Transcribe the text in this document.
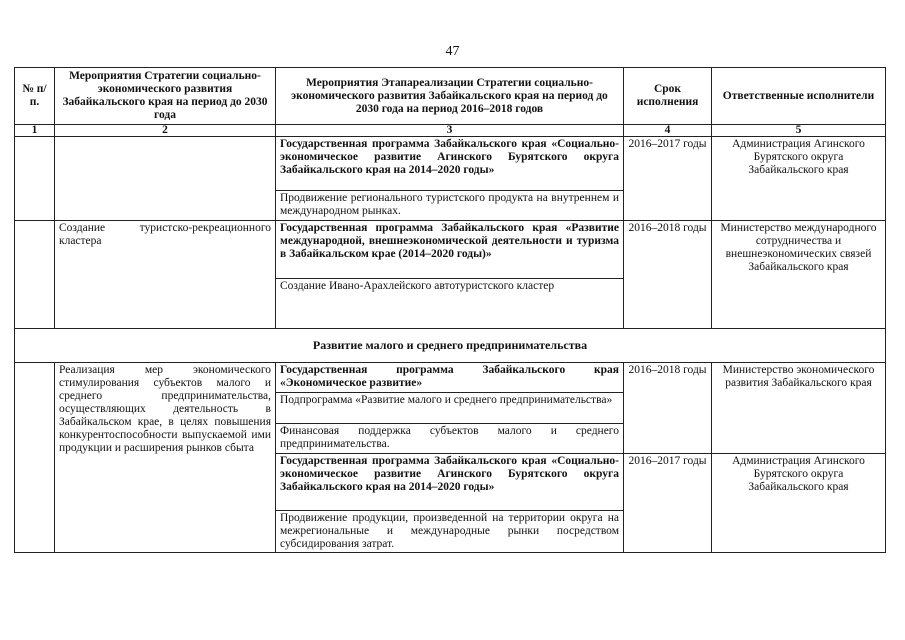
47
№ п/п.	Мероприятия Стратегии социально-экономического развития Забайкальского края на период до 2030 года	Мероприятия Этапареализации Стратегии социально-экономического развития Забайкальского края на период до 2030 года на период 2016–2018 годов	Срок исполнения	Ответственные исполнители
1	2	3	4	5
		Государственная программа Забайкальского края «Социально-экономическое развитие Агинского Бурятского округа Забайкальского края на 2014–2020 годы»	2016–2017 годы	Администрация Агинского Бурятского округа Забайкальского края
		Продвижение регионального туристского продукта на внутреннем и международном рынках.		
	Создание туристско-рекреационного кластера	Государственная программа Забайкальского края «Развитие международной, внешнеэкономической деятельности и туризма в Забайкальском крае (2014–2020 годы)»	2016–2018 годы	Министерство международного сотрудничества и внешнеэкономических связей Забайкальского края
		Создание Ивано-Арахлейского автотуристского кластер		
Развитие малого и среднего предпринимательства				
	Реализация мер экономического стимулирования субъектов малого и среднего предпринимательства, осуществляющих деятельность в Забайкальском крае, в целях повышения конкурентоспособности выпускаемой ими продукции и расширения рынков сбыта	Государственная программа Забайкальского края «Экономическое развитие»	2016–2018 годы	Министерство экономического развития Забайкальского края
		Подпрограмма «Развитие малого и среднего предпринимательства»		
		Финансовая поддержка субъектов малого и среднего предпринимательства.		
		Государственная программа Забайкальского края «Социально-экономическое развитие Агинского Бурятского округа Забайкальского края на 2014–2020 годы»	2016–2017 годы	Администрация Агинского Бурятского округа Забайкальского края
		Продвижение продукции, произведенной на территории округа на межрегиональные и международные рынки посредством субсидирования затрат.		
